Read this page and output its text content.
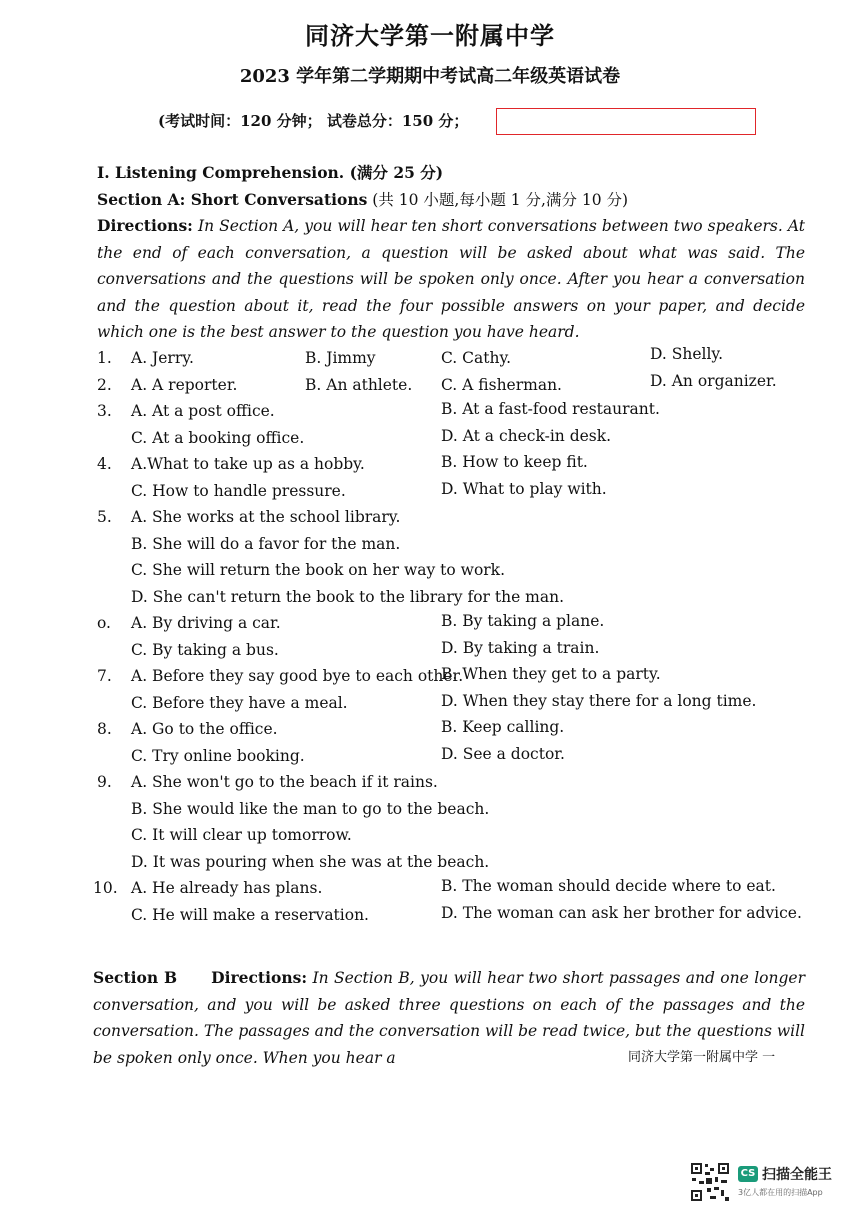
同济大学第一附属中学
2023 学年第二学期期中考试高二年级英语试卷
(考试时间：120 分钟； 试卷总分：150 分；
I. Listening Comprehension. (满分 25 分)
Section A: Short Conversations (共 10 小题,每小题 1 分,满分 10 分)
Directions: In Section A, you will hear ten short conversations between two speakers. At the end of each conversation, a question will be asked about what was said. The conversations and the questions will be spoken only once. After you hear a conversation and the question about it, read the four possible answers on your paper, and decide which one is the best answer to the question you have heard.
1. A. Jerry.	B. Jimmy	C. Cathy.	D. Shelly.
2. A. A reporter.	B. An athlete. C. A fisherman.	D. An organizer.
3. A. At a post office.	B. At a fast-food restaurant.
C. At a booking office.	D. At a check-in desk.
4. A.What to take up as a hobby.	B. How to keep fit.
C. How to handle pressure.	D. What to play with.
5. A. She works at the school library.
B. She will do a favor for the man.
C. She will return the book on her way to work.
D. She can't return the book to the library for the man.
o. A. By driving a car.	B. By taking a plane.
C. By taking a bus.	D. By taking a train.
7. A. Before they say good bye to each other.
B. When they get to a party.
C. Before they have a meal.	D. When they stay there for a long time.
8. A. Go to the office.	B. Keep calling.
C. Try online booking.	D. See a doctor.
9. A. She won't go to the beach if it rains.
B. She would like the man to go to the beach.
C. It will clear up tomorrow.
D. It was pouring when she was at the beach.
10. A. He already has plans.	B. The woman should decide where to eat.
C. He will make a reservation.	D. The woman can ask her brother for advice.
Section B Directions: In Section B, you will hear two short passages and one longer conversation, and you will be asked three questions on each of the passages and the conversation. The passages and the conversation will be read twice, but the questions will be spoken only once. When you hear a	同济大学第一附属中学 一
CS 扫描全能王
3亿人都在用的扫描App
